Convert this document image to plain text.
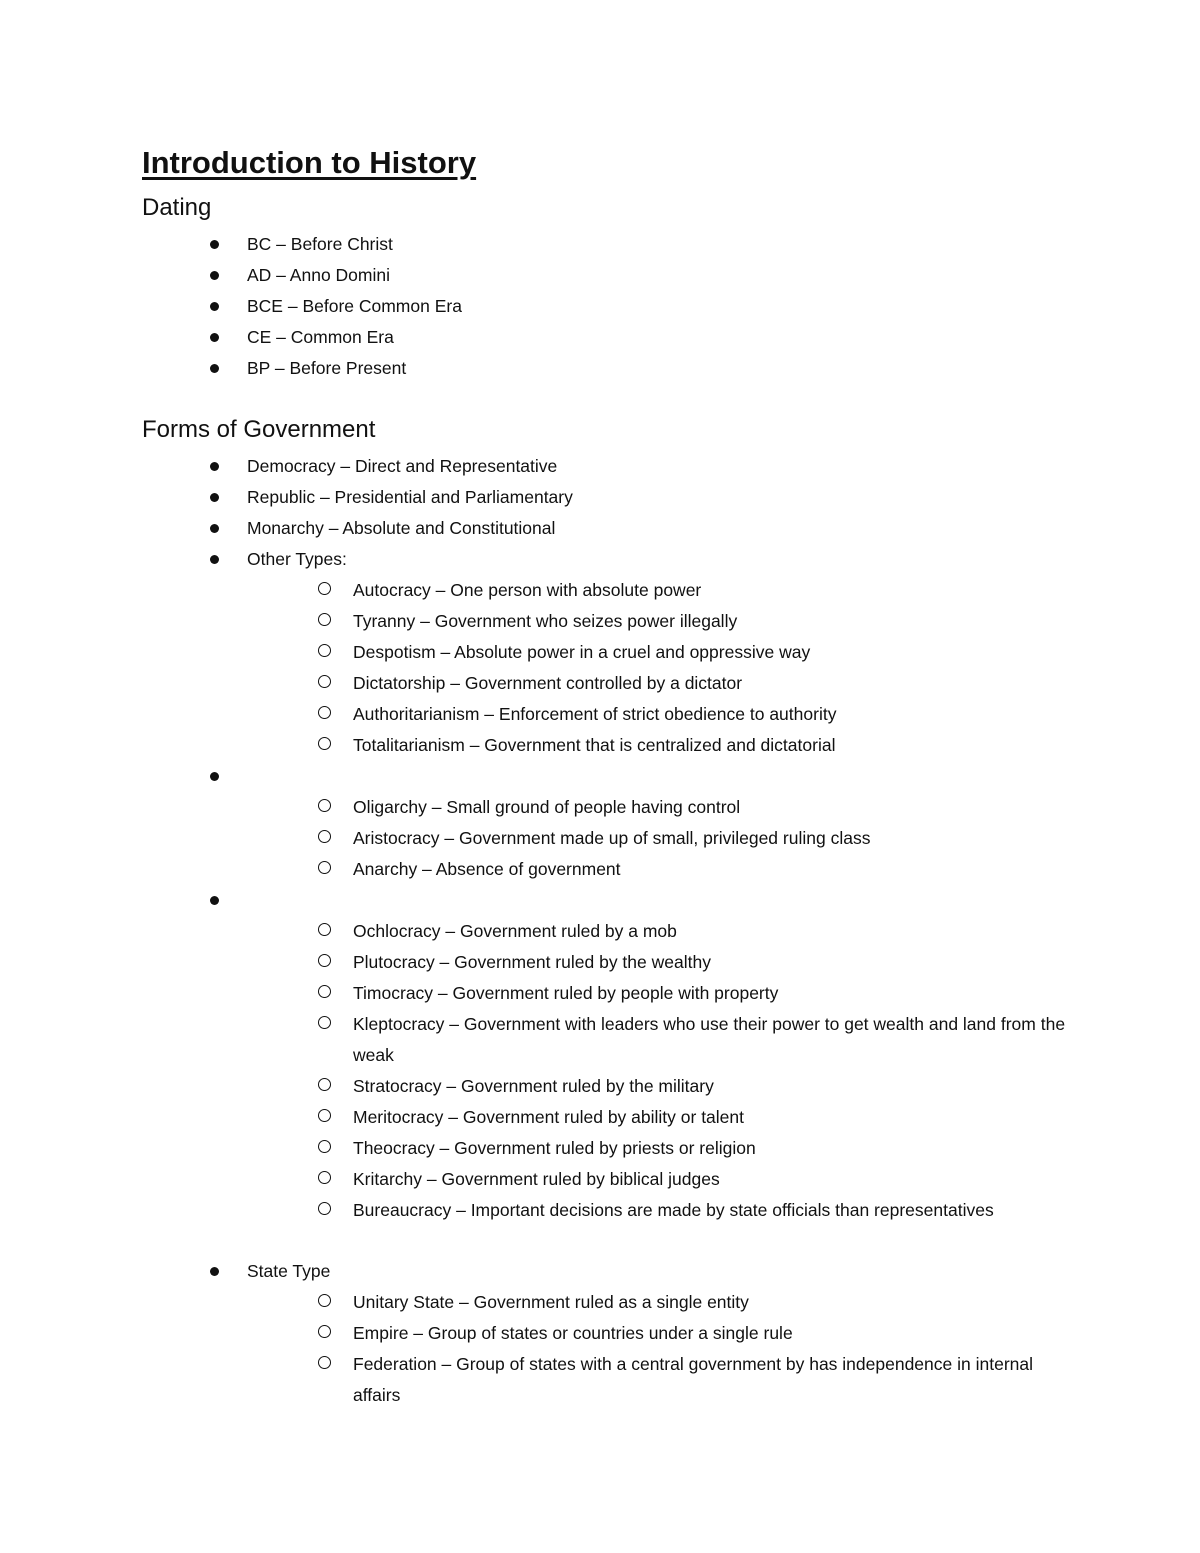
Introduction to History
Dating
BC – Before Christ
AD – Anno Domini
BCE – Before Common Era
CE – Common Era
BP – Before Present
Forms of Government
Democracy – Direct and Representative
Republic – Presidential and Parliamentary
Monarchy – Absolute and Constitutional
Other Types:
Autocracy – One person with absolute power
Tyranny – Government who seizes power illegally
Despotism – Absolute power in a cruel and oppressive way
Dictatorship – Government controlled by a dictator
Authoritarianism – Enforcement of strict obedience to authority
Totalitarianism – Government that is centralized and dictatorial
Oligarchy – Small ground of people having control
Aristocracy – Government made up of small, privileged ruling class
Anarchy – Absence of government
Ochlocracy – Government ruled by a mob
Plutocracy – Government ruled by the wealthy
Timocracy – Government ruled by people with property
Kleptocracy – Government with leaders who use their power to get wealth and land from the weak
Stratocracy – Government ruled by the military
Meritocracy – Government ruled by ability or talent
Theocracy – Government ruled by priests or religion
Kritarchy – Government ruled by biblical judges
Bureaucracy – Important decisions are made by state officials than representatives
State Type
Unitary State – Government ruled as a single entity
Empire – Group of states or countries under a single rule
Federation – Group of states with a central government by has independence in internal affairs
